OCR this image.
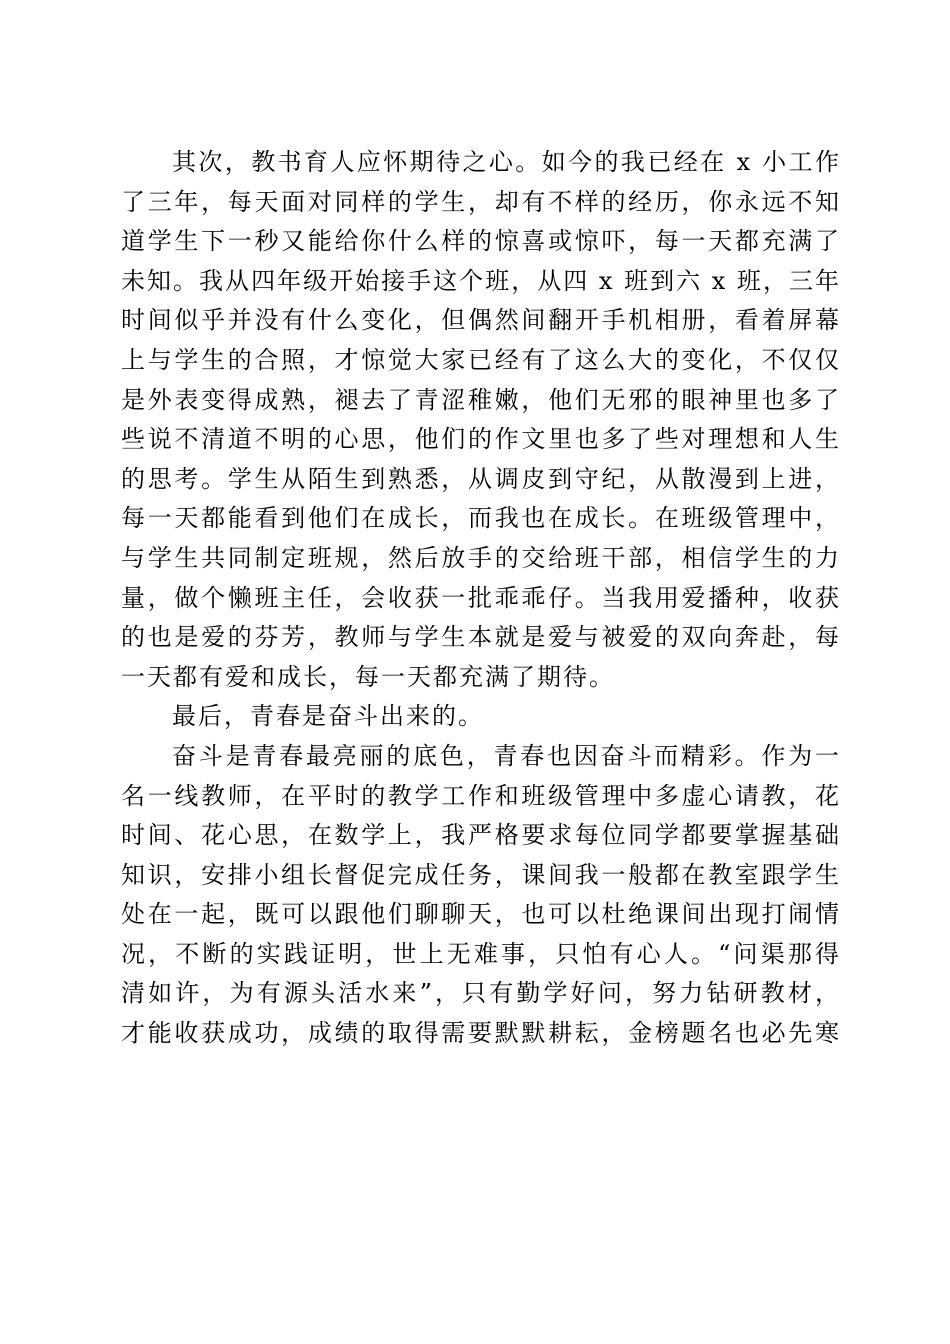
其次，教书育人应怀期待之心。如今的我已经在 x 小工作
了三年，每天面对同样的学生，却有不样的经历，你永远不知
道学生下一秒又能给你什么样的惊喜或惊吓，每一天都充满了
未知。我从四年级开始接手这个班，从四 x 班到六 x 班，三年
时间似乎并没有什么变化，但偶然间翻开手机相册，看着屏幕
上与学生的合照，才惊觉大家已经有了这么大的变化，不仅仅
是外表变得成熟，褪去了青涩稚嫩，他们无邪的眼神里也多了
些说不清道不明的心思，他们的作文里也多了些对理想和人生
的思考。学生从陌生到熟悉，从调皮到守纪，从散漫到上进，
每一天都能看到他们在成长，而我也在成长。在班级管理中，
与学生共同制定班规，然后放手的交给班干部，相信学生的力
量，做个懒班主任，会收获一批乖乖仔。当我用爱播种，收获
的也是爱的芬芳，教师与学生本就是爱与被爱的双向奔赴，每
一天都有爱和成长，每一天都充满了期待。
最后，青春是奋斗出来的。
奋斗是青春最亮丽的底色，青春也因奋斗而精彩。作为一
名一线教师，在平时的教学工作和班级管理中多虚心请教，花
时间、花心思，在数学上，我严格要求每位同学都要掌握基础
知识，安排小组长督促完成任务，课间我一般都在教室跟学生
处在一起，既可以跟他们聊聊天，也可以杜绝课间出现打闹情
况，不断的实践证明，世上无难事，只怕有心人。“问渠那得
清如许，为有源头活水来”，只有勤学好问，努力钻研教材，
才能收获成功，成绩的取得需要默默耕耘，金榜题名也必先寒
